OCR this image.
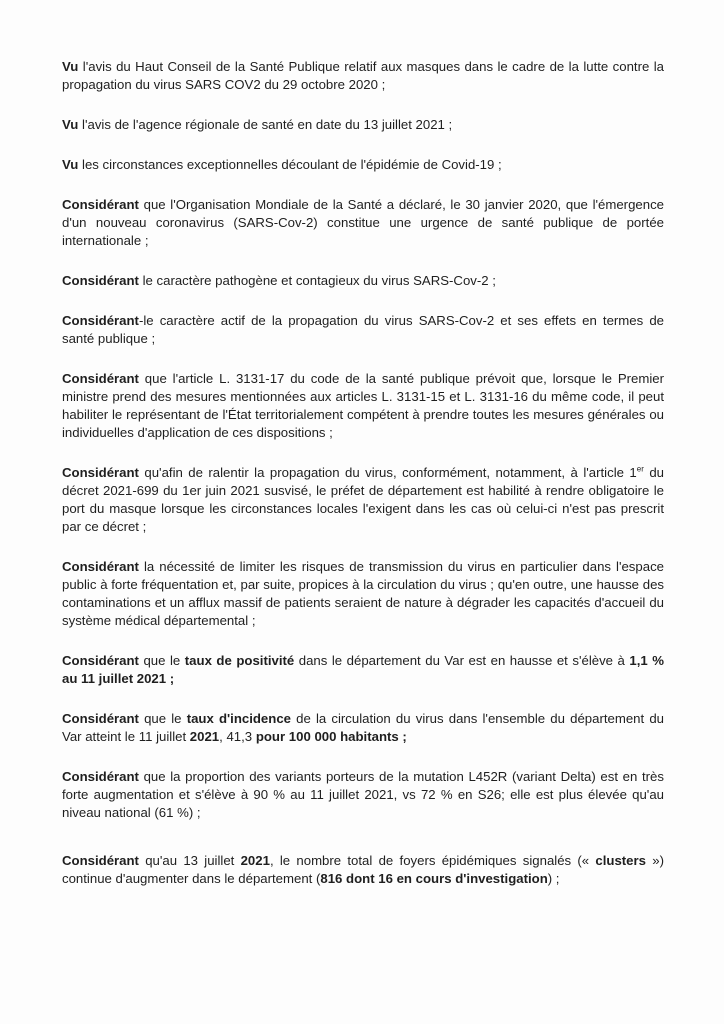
Vu l'avis du Haut Conseil de la Santé Publique relatif aux masques dans le cadre de la lutte contre la propagation du virus SARS COV2 du 29 octobre 2020 ;

Vu l'avis de l'agence régionale de santé en date du 13 juillet 2021 ;

Vu les circonstances exceptionnelles découlant de l'épidémie de Covid-19 ;

Considérant que l'Organisation Mondiale de la Santé a déclaré, le 30 janvier 2020, que l'émergence d'un nouveau coronavirus (SARS-Cov-2) constitue une urgence de santé publique de portée internationale ;

Considérant le caractère pathogène et contagieux du virus SARS-Cov-2 ;

Considérant-le caractère actif de la propagation du virus SARS-Cov-2 et ses effets en termes de santé publique ;

Considérant que l'article L. 3131-17 du code de la santé publique prévoit que, lorsque le Premier ministre prend des mesures mentionnées aux articles L. 3131-15 et L. 3131-16 du même code, il peut habiliter le représentant de l'État territorialement compétent à prendre toutes les mesures générales ou individuelles d'application de ces dispositions ;

Considérant qu'afin de ralentir la propagation du virus, conformément, notamment, à l'article 1er du décret 2021-699 du 1er juin 2021 susvisé, le préfet de département est habilité à rendre obligatoire le port du masque lorsque les circonstances locales l'exigent dans les cas où celui-ci n'est pas prescrit par ce décret ;

Considérant la nécessité de limiter les risques de transmission du virus en particulier dans l'espace public à forte fréquentation et, par suite, propices à la circulation du virus ; qu'en outre, une hausse des contaminations et un afflux massif de patients seraient de nature à dégrader les capacités d'accueil du système médical départemental ;

Considérant que le taux de positivité dans le département du Var est en hausse et s'élève à 1,1 % au 11 juillet 2021 ;

Considérant que le taux d'incidence de la circulation du virus dans l'ensemble du département du Var atteint le 11 juillet 2021, 41,3 pour 100 000 habitants ;

Considérant que la proportion des variants porteurs de la mutation L452R (variant Delta) est en très forte augmentation et s'élève à 90 % au 11 juillet 2021, vs 72 % en S26; elle est plus élevée qu'au niveau national (61 %) ;

Considérant qu'au 13 juillet 2021, le nombre total de foyers épidémiques signalés (« clusters ») continue d'augmenter dans le département (816 dont 16 en cours d'investigation) ;
